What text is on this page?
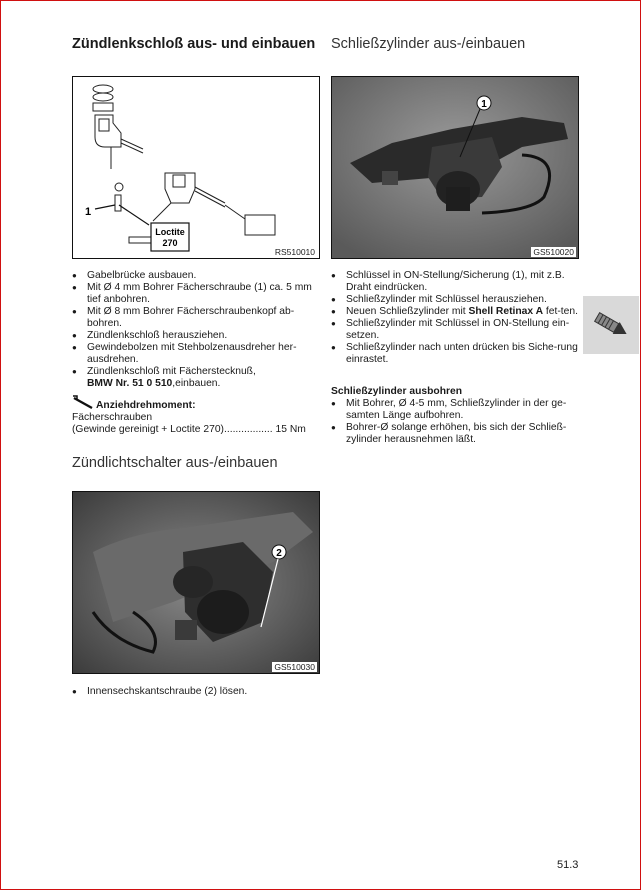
Zündlenkschloß aus- und einbauen Schließzylinder aus-/einbauen
Loctite
270
1
RS510010
1
GS510020
● Gabelbrücke ausbauen.
● Mit Ø 4 mm Bohrer Fächerschraube (1) ca. 5 mm tief anbohren.
● Mit Ø 8 mm Bohrer Fächerschraubenkopf ab-bohren.
● Zündlenkschloß herausziehen.
● Gewindebolzen mit Stehbolzenausdreher her-ausdrehen.
● Zündlenkschloß mit Fächerstecknuß,
BMW Nr. 51 0 510,einbauen.
Anziehdrehmoment:
Fächerschrauben
(Gewinde gereinigt + Loctite 270)................. 15 Nm
● Schlüssel in ON-Stellung/Sicherung (1), mit z.B. Draht eindrücken.
● Schließzylinder mit Schlüssel herausziehen.
● Neuen Schließzylinder mit Shell Retinax A fet-ten.
● Schließzylinder mit Schlüssel in ON-Stellung ein-setzen.
● Schließzylinder nach unten drücken bis Siche-rung einrastet.
Schließzylinder ausbohren
● Mit Bohrer, Ø 4-5 mm, Schließzylinder in der ge-samten Länge aufbohren.
● Bohrer-Ø solange erhöhen, bis sich der Schließ-zylinder herausnehmen läßt.
Zündlichtschalter aus-/einbauen
2
GS510030
● Innensechskantschraube (2) lösen.
51.3
